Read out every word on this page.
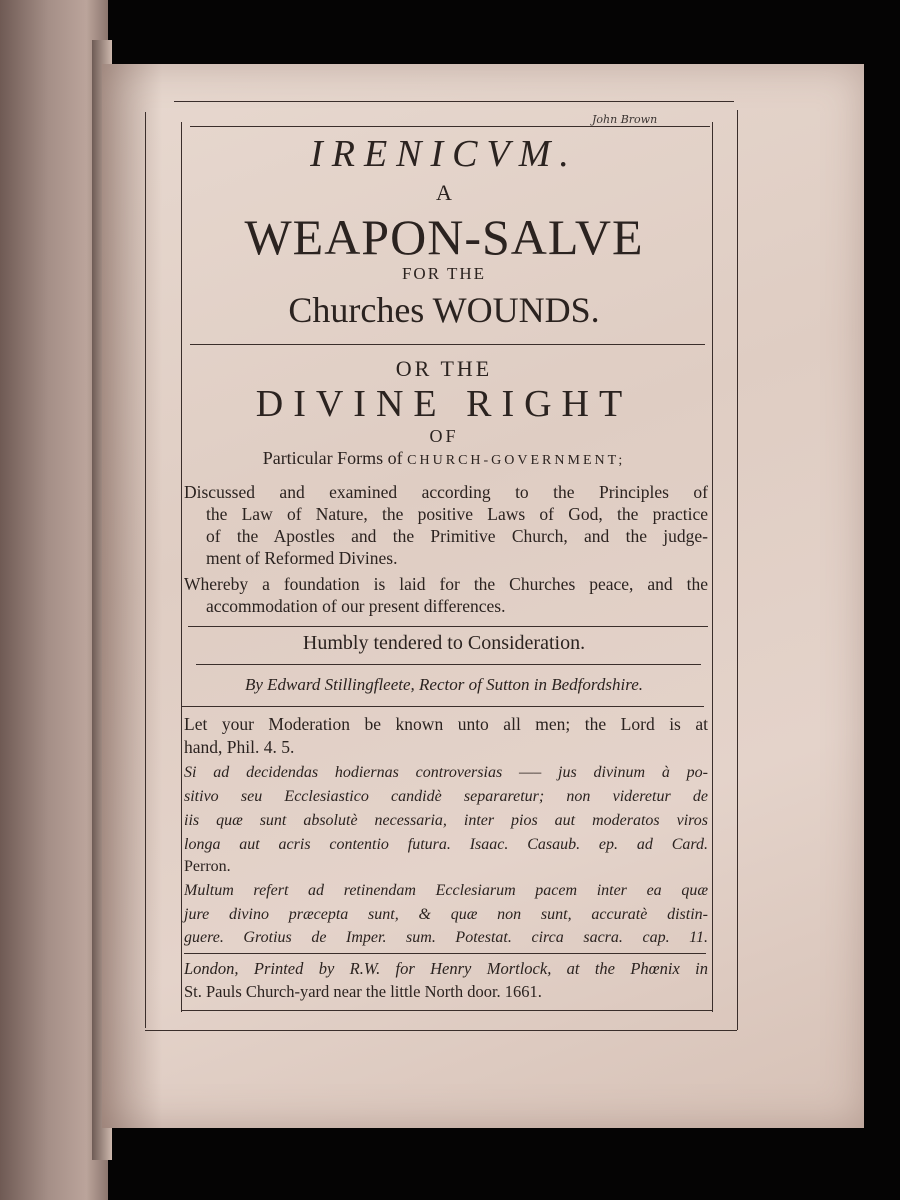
John Brown
IRENICVM.
A
WEAPON-SALVE
FOR THE
Churches WOUNDS.
OR THE
DIVINE RIGHT
OF
Particular Forms of CHURCH-GOVERNMENT;
Discussed and examined according to the Principles of
the Law of Nature, the positive Laws of God, the practice
of the Apostles and the Primitive Church, and the judge-
ment of Reformed Divines.
Whereby a foundation is laid for the Churches peace, and the
accommodation of our present differences.
Humbly tendered to Consideration.
By Edward Stillingfleete, Rector of Sutton in Bedfordshire.
Let your Moderation be known unto all men; the Lord is at
hand, Phil. 4. 5.
Si ad decidendas hodiernas controversias —– jus divinum à po-
sitivo seu Ecclesiastico candidè separaretur; non videretur de
iis quæ sunt absolutè necessaria, inter pios aut moderatos viros
longa aut acris contentio futura. Isaac. Casaub. ep. ad Card.
Perron.
Multum refert ad retinendam Ecclesiarum pacem inter ea quæ
jure divino præcepta sunt, & quæ non sunt, accuratè distin-
guere. Grotius de Imper. sum. Potestat. circa sacra. cap. 11.
London, Printed by R.W. for Henry Mortlock, at the Phœnix in
St. Pauls Church-yard near the little North door. 1661.
